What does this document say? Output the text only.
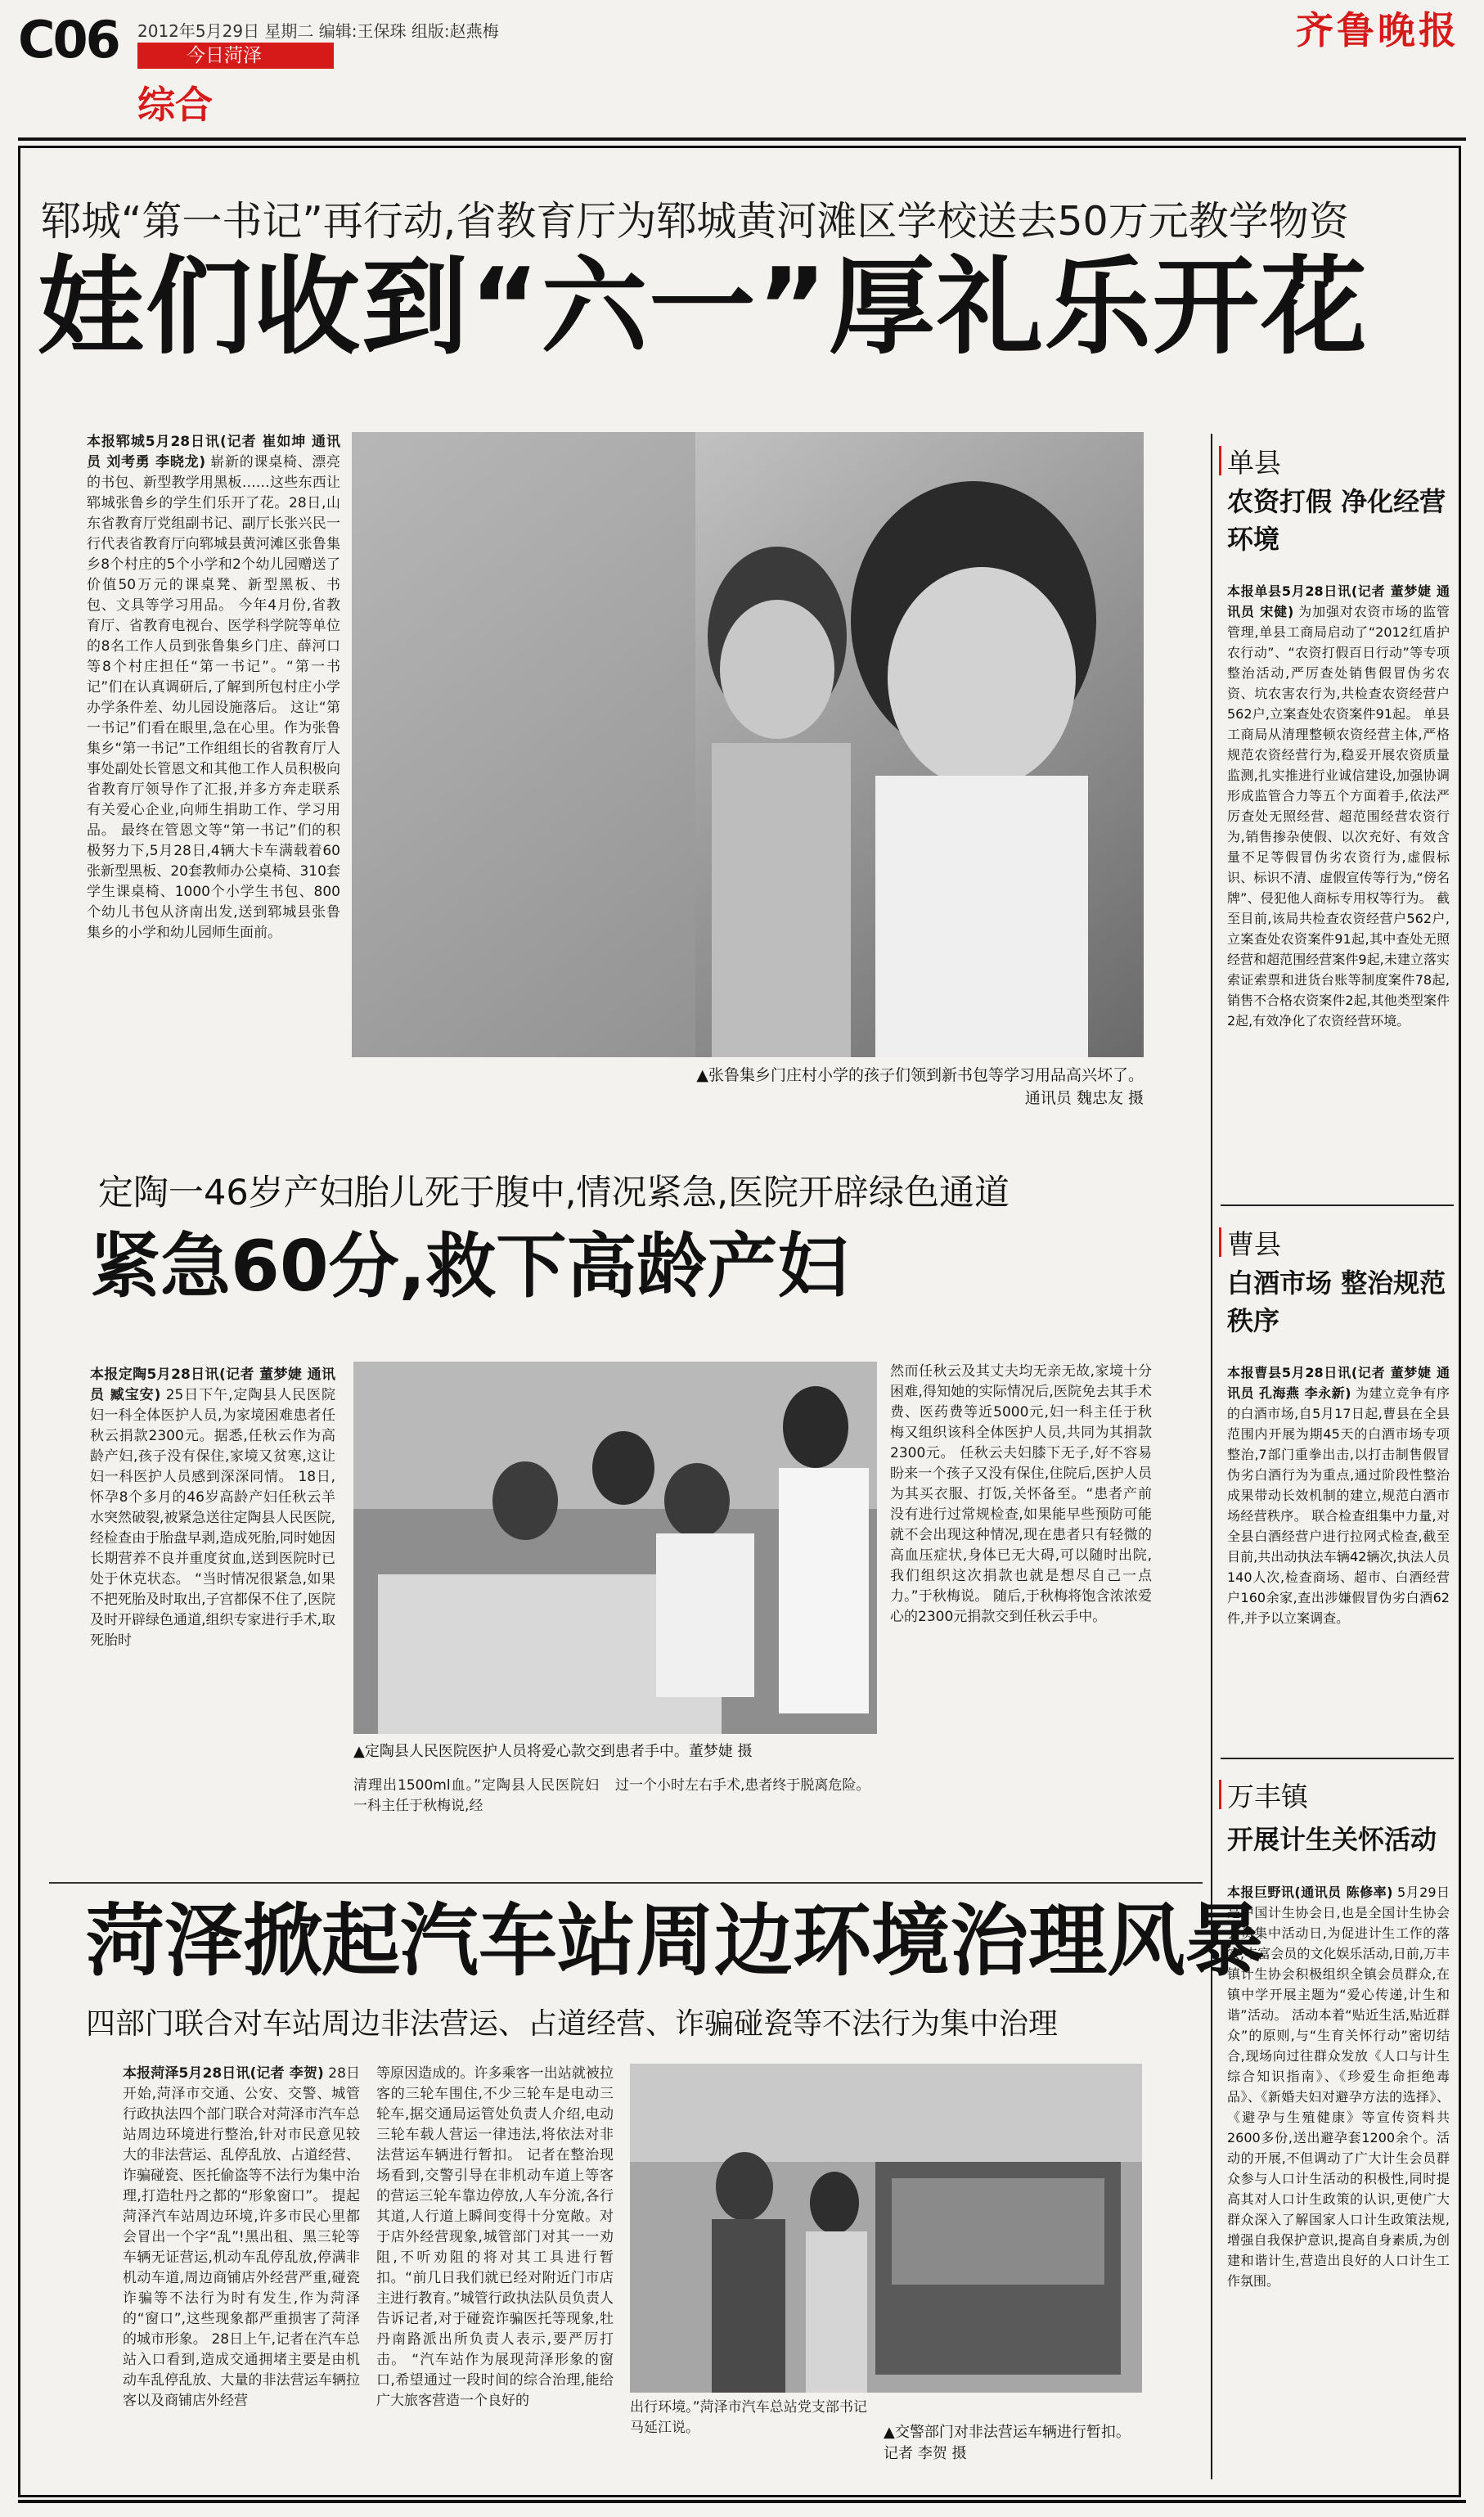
C06 2012年5月29日 星期二 编辑:王保珠 组版:赵燕梅
今日菏泽
综合
齐鲁晚报
郓城“第一书记”再行动,省教育厅为郓城黄河滩区学校送去50万元教学物资
娃们收到“六一”厚礼乐开花
本报郓城5月28日讯(记者 崔如坤 通讯员 刘考勇 李晓龙) 崭新的课桌椅、漂亮的书包、新型教学用黑板……这些东西让郓城张鲁乡的学生们乐开了花。28日,山东省教育厅党组副书记、副厅长张兴民一行代表省教育厅向郓城县黄河滩区张鲁集乡8个村庄的5个小学和2个幼儿园赠送了价值50万元的课桌凳、新型黑板、书包、文具等学习用品。 今年4月份,省教育厅、省教育电视台、医学科学院等单位的8名工作人员到张鲁集乡门庄、薛河口等8个村庄担任“第一书记”。“第一书记”们在认真调研后,了解到所包村庄小学办学条件差、幼儿园设施落后。 这让“第一书记”们看在眼里,急在心里。作为张鲁集乡“第一书记”工作组组长的省教育厅人事处副处长管恩文和其他工作人员积极向省教育厅领导作了汇报,并多方奔走联系有关爱心企业,向师生捐助工作、学习用品。 最终在管恩文等“第一书记”们的积极努力下,5月28日,4辆大卡车满载着60张新型黑板、20套教师办公桌椅、310套学生课桌椅、1000个小学生书包、800个幼儿书包从济南出发,送到郓城县张鲁集乡的小学和幼儿园师生面前。
▲张鲁集乡门庄村小学的孩子们领到新书包等学习用品高兴坏了。
通讯员 魏忠友 摄
定陶一46岁产妇胎儿死于腹中,情况紧急,医院开辟绿色通道
紧急60分,救下高龄产妇
本报定陶5月28日讯(记者 董梦婕 通讯员 臧宝安) 25日下午,定陶县人民医院妇一科全体医护人员,为家境困难患者任秋云捐款2300元。据悉,任秋云作为高龄产妇,孩子没有保住,家境又贫寒,这让妇一科医护人员感到深深同情。 18日,怀孕8个多月的46岁高龄产妇任秋云羊水突然破裂,被紧急送往定陶县人民医院,经检查由于胎盘早剥,造成死胎,同时她因长期营养不良并重度贫血,送到医院时已处于休克状态。 “当时情况很紧急,如果不把死胎及时取出,子宫都保不住了,医院及时开辟绿色通道,组织专家进行手术,取死胎时
▲定陶县人民医院医护人员将爱心款交到患者手中。董梦婕 摄
清理出1500ml血。”定陶县人民医院妇一科主任于秋梅说,经
过一个小时左右手术,患者终于脱离危险。
然而任秋云及其丈夫均无亲无故,家境十分困难,得知她的实际情况后,医院免去其手术费、医药费等近5000元,妇一科主任于秋梅又组织该科全体医护人员,共同为其捐款2300元。 任秋云夫妇膝下无子,好不容易盼来一个孩子又没有保住,住院后,医护人员为其买衣服、打饭,关怀备至。“患者产前没有进行过常规检查,如果能早些预防可能就不会出现这种情况,现在患者只有轻微的高血压症状,身体已无大碍,可以随时出院,我们组织这次捐款也就是想尽自己一点力。”于秋梅说。 随后,于秋梅将饱含浓浓爱心的2300元捐款交到任秋云手中。
菏泽掀起汽车站周边环境治理风暴
四部门联合对车站周边非法营运、占道经营、诈骗碰瓷等不法行为集中治理
本报菏泽5月28日讯(记者 李贺) 28日开始,菏泽市交通、公安、交警、城管行政执法四个部门联合对菏泽市汽车总站周边环境进行整治,针对市民意见较大的非法营运、乱停乱放、占道经营、诈骗碰瓷、医托偷盗等不法行为集中治理,打造牡丹之都的“形象窗口”。 提起菏泽汽车站周边环境,许多市民心里都会冒出一个字“乱”!黑出租、黑三轮等车辆无证营运,机动车乱停乱放,停满非机动车道,周边商铺店外经营严重,碰瓷诈骗等不法行为时有发生,作为菏泽的“窗口”,这些现象都严重损害了菏泽的城市形象。 28日上午,记者在汽车总站入口看到,造成交通拥堵主要是由机动车乱停乱放、大量的非法营运车辆拉客以及商铺店外经营
等原因造成的。许多乘客一出站就被拉客的三轮车围住,不少三轮车是电动三轮车,据交通局运管处负责人介绍,电动三轮车载人营运一律违法,将依法对非法营运车辆进行暂扣。 记者在整治现场看到,交警引导在非机动车道上等客的营运三轮车靠边停放,人车分流,各行其道,人行道上瞬间变得十分宽敞。对于店外经营现象,城管部门对其一一劝阻,不听劝阻的将对其工具进行暂扣。“前几日我们就已经对附近门市店主进行教育。”城管行政执法队员负责人告诉记者,对于碰瓷诈骗医托等现象,牡丹南路派出所负责人表示,要严厉打击。 “汽车站作为展现菏泽形象的窗口,希望通过一段时间的综合治理,能给广大旅客营造一个良好的	出行环境。”菏泽市汽车总站党支部书记马延江说。	▲交警部门对非法营运车辆进行暂扣。 记者 李贺 摄
单县
农资打假 净化经营环境
本报单县5月28日讯(记者 董梦婕 通讯员 宋健) 为加强对农资市场的监管管理,单县工商局启动了“2012红盾护农行动”、“农资打假百日行动”等专项整治活动,严厉查处销售假冒伪劣农资、坑农害农行为,共检查农资经营户562户,立案查处农资案件91起。 单县工商局从清理整顿农资经营主体,严格规范农资经营行为,稳妥开展农资质量监测,扎实推进行业诚信建设,加强协调形成监管合力等五个方面着手,依法严厉查处无照经营、超范围经营农资行为,销售掺杂使假、以次充好、有效含量不足等假冒伪劣农资行为,虚假标识、标识不清、虚假宣传等行为,“傍名牌”、侵犯他人商标专用权等行为。 截至目前,该局共检查农资经营户562户,立案查处农资案件91起,其中查处无照经营和超范围经营案件9起,未建立落实索证索票和进货台账等制度案件78起,销售不合格农资案件2起,其他类型案件2起,有效净化了农资经营环境。
曹县
白酒市场 整治规范秩序
本报曹县5月28日讯(记者 董梦婕 通讯员 孔海燕 李永新) 为建立竞争有序的白酒市场,自5月17日起,曹县在全县范围内开展为期45天的白酒市场专项整治,7部门重拳出击,以打击制售假冒伪劣白酒行为为重点,通过阶段性整治成果带动长效机制的建立,规范白酒市场经营秩序。 联合检查组集中力量,对全县白酒经营户进行拉网式检查,截至目前,共出动执法车辆42辆次,执法人员140人次,检查商场、超市、白酒经营户160余家,查出涉嫌假冒伪劣白酒62件,并予以立案调查。
万丰镇
开展计生关怀活动
本报巨野讯(通讯员 陈修率) 5月29日是中国计生协会日,也是全国计生协会会员集中活动日,为促进计生工作的落实,丰富会员的文化娱乐活动,日前,万丰镇计生协会积极组织全镇会员群众,在镇中学开展主题为“爱心传递,计生和谐”活动。 活动本着“贴近生活,贴近群众”的原则,与“生育关怀行动”密切结合,现场向过往群众发放《人口与计生综合知识指南》、《珍爱生命拒绝毒品》、《新婚夫妇对避孕方法的选择》、《避孕与生殖健康》等宣传资料共2600多份,送出避孕套1200余个。活动的开展,不但调动了广大计生会员群众参与人口计生活动的积极性,同时提高其对人口计生政策的认识,更使广大群众深入了解国家人口计生政策法规,增强自我保护意识,提高自身素质,为创建和谐计生,营造出良好的人口计生工作氛围。
